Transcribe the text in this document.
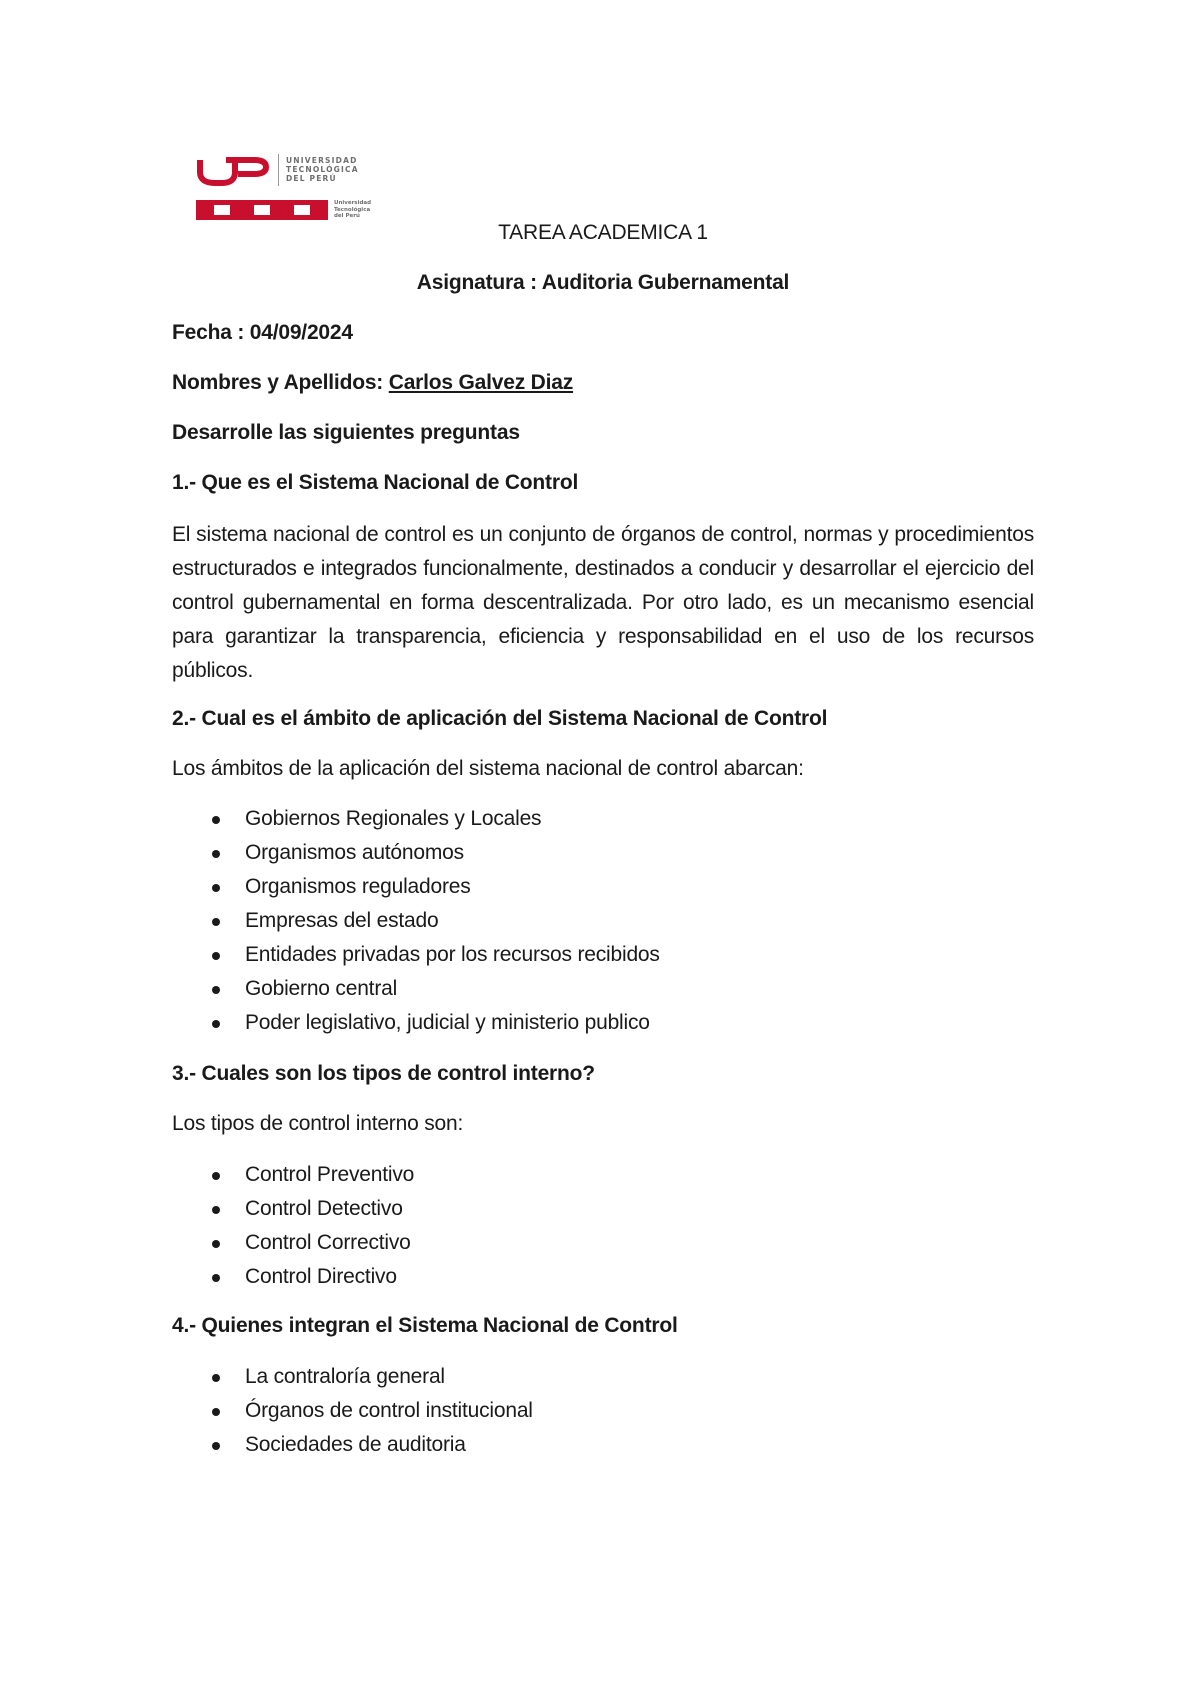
UNIVERSIDAD
TECNOLÓGICA
DEL PERÚ
Universidad
Tecnológica
del Perú

TAREA ACADEMICA 1

Asignatura : Auditoria Gubernamental

Fecha : 04/09/2024

Nombres y Apellidos: Carlos Galvez Diaz

Desarrolle las siguientes preguntas

1.- Que es el Sistema Nacional de Control

El sistema nacional de control es un conjunto de órganos de control, normas y procedimientos estructurados e integrados funcionalmente, destinados a conducir y desarrollar el ejercicio del control gubernamental en forma descentralizada. Por otro lado, es un mecanismo esencial para garantizar la transparencia, eficiencia y responsabilidad en el uso de los recursos públicos.

2.- Cual es el ámbito de aplicación del Sistema Nacional de Control

Los ámbitos de la aplicación del sistema nacional de control abarcan:

Gobiernos Regionales y Locales
Organismos autónomos
Organismos reguladores
Empresas del estado
Entidades privadas por los recursos recibidos
Gobierno central
Poder legislativo, judicial y ministerio publico

3.- Cuales son los tipos de control interno?

Los tipos de control interno son:

Control Preventivo
Control Detectivo
Control Correctivo
Control Directivo

4.- Quienes integran el Sistema Nacional de Control

La contraloría general
Órganos de control institucional
Sociedades de auditoria
